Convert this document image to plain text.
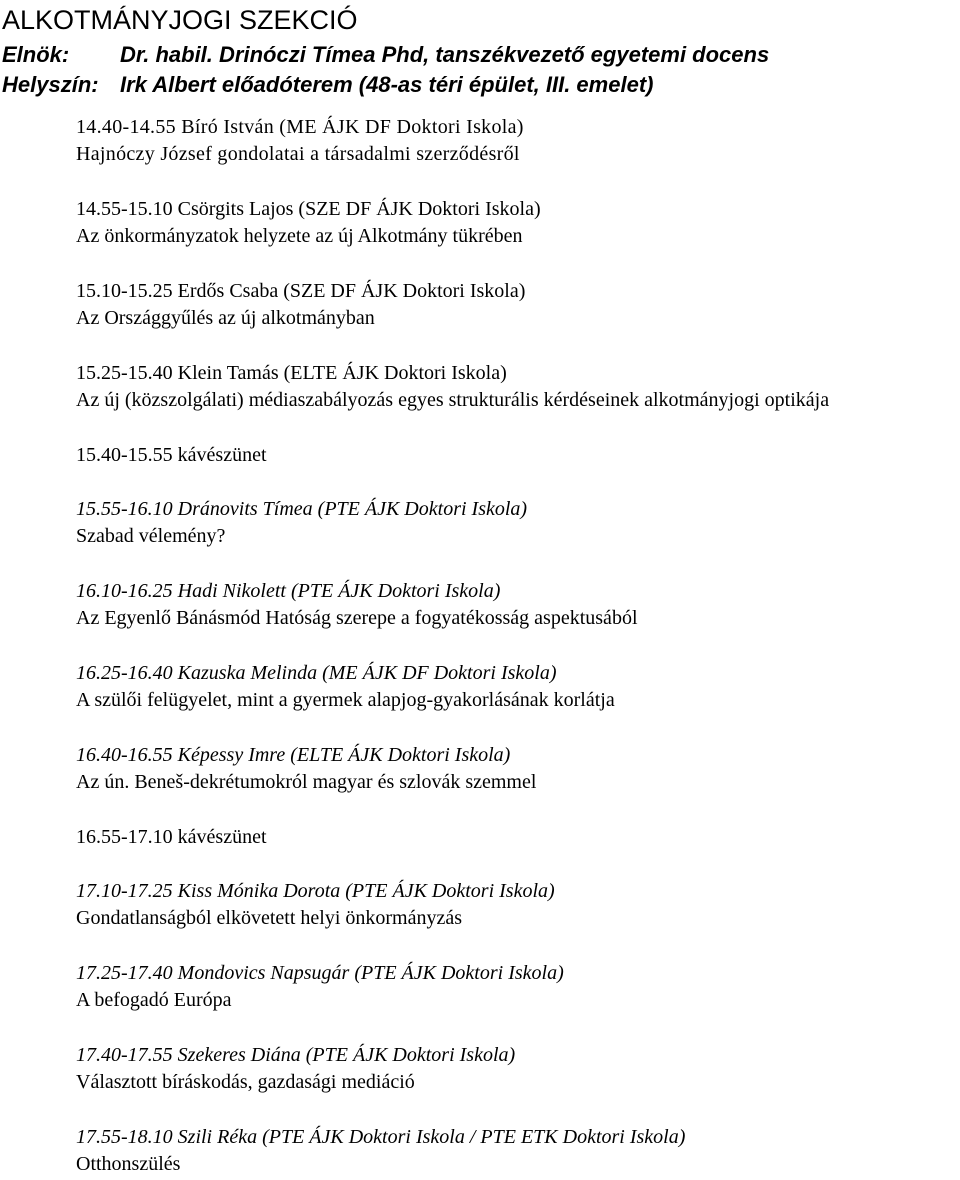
ALKOTMÁNYJOGI SZEKCIÓ
Elnök: Dr. habil. Drinóczi Tímea Phd, tanszékvezető egyetemi docens
Helyszín: Irk Albert előadóterem (48-as téri épület, III. emelet)
14.40-14.55 Bíró István (ME ÁJK DF Doktori Iskola)
Hajnóczy József gondolatai a társadalmi szerződésről
14.55-15.10 Csörgits Lajos (SZE DF ÁJK Doktori Iskola)
Az önkormányzatok helyzete az új Alkotmány tükrében
15.10-15.25 Erdős Csaba (SZE DF ÁJK Doktori Iskola)
Az Országgyűlés az új alkotmányban
15.25-15.40 Klein Tamás (ELTE ÁJK Doktori Iskola)
Az új (közszolgálati) médiaszabályozás egyes strukturális kérdéseinek alkotmányjogi optikája
15.40-15.55 kávészünet
15.55-16.10 Dránovits Tímea (PTE ÁJK Doktori Iskola)
Szabad vélemény?
16.10-16.25 Hadi Nikolett (PTE ÁJK Doktori Iskola)
Az Egyenlő Bánásmód Hatóság szerepe a fogyatékosság aspektusából
16.25-16.40 Kazuska Melinda (ME ÁJK DF Doktori Iskola)
A szülői felügyelet, mint a gyermek alapjog-gyakorlásának korlátja
16.40-16.55 Képessy Imre (ELTE ÁJK Doktori Iskola)
Az ún. Beneš-dekrétumokról magyar és szlovák szemmel
16.55-17.10 kávészünet
17.10-17.25 Kiss Mónika Dorota (PTE ÁJK Doktori Iskola)
Gondatlanságból elkövetett helyi önkormányzás
17.25-17.40 Mondovics Napsugár (PTE ÁJK Doktori Iskola)
A befogadó Európa
17.40-17.55 Szekeres Diána (PTE ÁJK Doktori Iskola)
Választott bíráskodás, gazdasági mediáció
17.55-18.10 Szili Réka (PTE ÁJK Doktori Iskola / PTE ETK Doktori Iskola)
Otthonszülés
